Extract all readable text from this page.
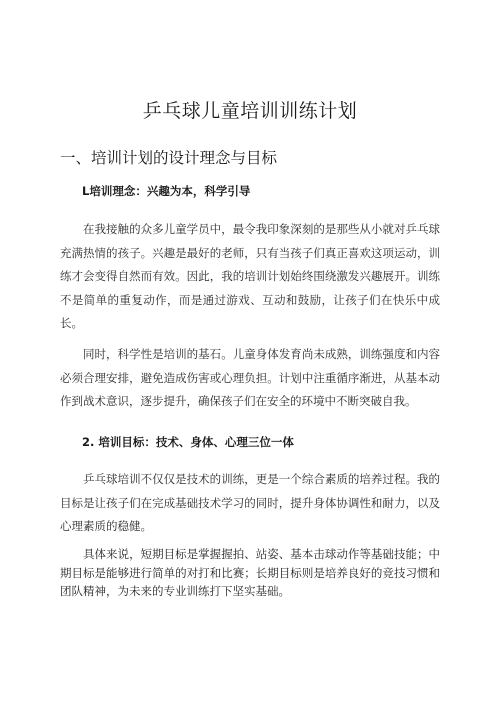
乒乓球儿童培训训练计划
一、培训计划的设计理念与目标
L培训理念：兴趣为本，科学引导
在我接触的众多儿童学员中，最令我印象深刻的是那些从小就对乒乓球充满热情的孩子。兴趣是最好的老师，只有当孩子们真正喜欢这项运动，训练才会变得自然而有效。因此，我的培训计划始终围绕激发兴趣展开。训练不是简单的重复动作，而是通过游戏、互动和鼓励，让孩子们在快乐中成长。
同时，科学性是培训的基石。儿童身体发育尚未成熟，训练强度和内容必须合理安排，避免造成伤害或心理负担。计划中注重循序渐进，从基本动作到战术意识，逐步提升，确保孩子们在安全的环境中不断突破自我。
2. 培训目标：技术、身体、心理三位一体
乒乓球培训不仅仅是技术的训练，更是一个综合素质的培养过程。我的目标是让孩子们在完成基础技术学习的同时，提升身体协调性和耐力，以及心理素质的稳健。
具体来说，短期目标是掌握握拍、站姿、基本击球动作等基础技能；中期目标是能够进行简单的对打和比赛；长期目标则是培养良好的竞技习惯和团队精神，为未来的专业训练打下坚实基础。
